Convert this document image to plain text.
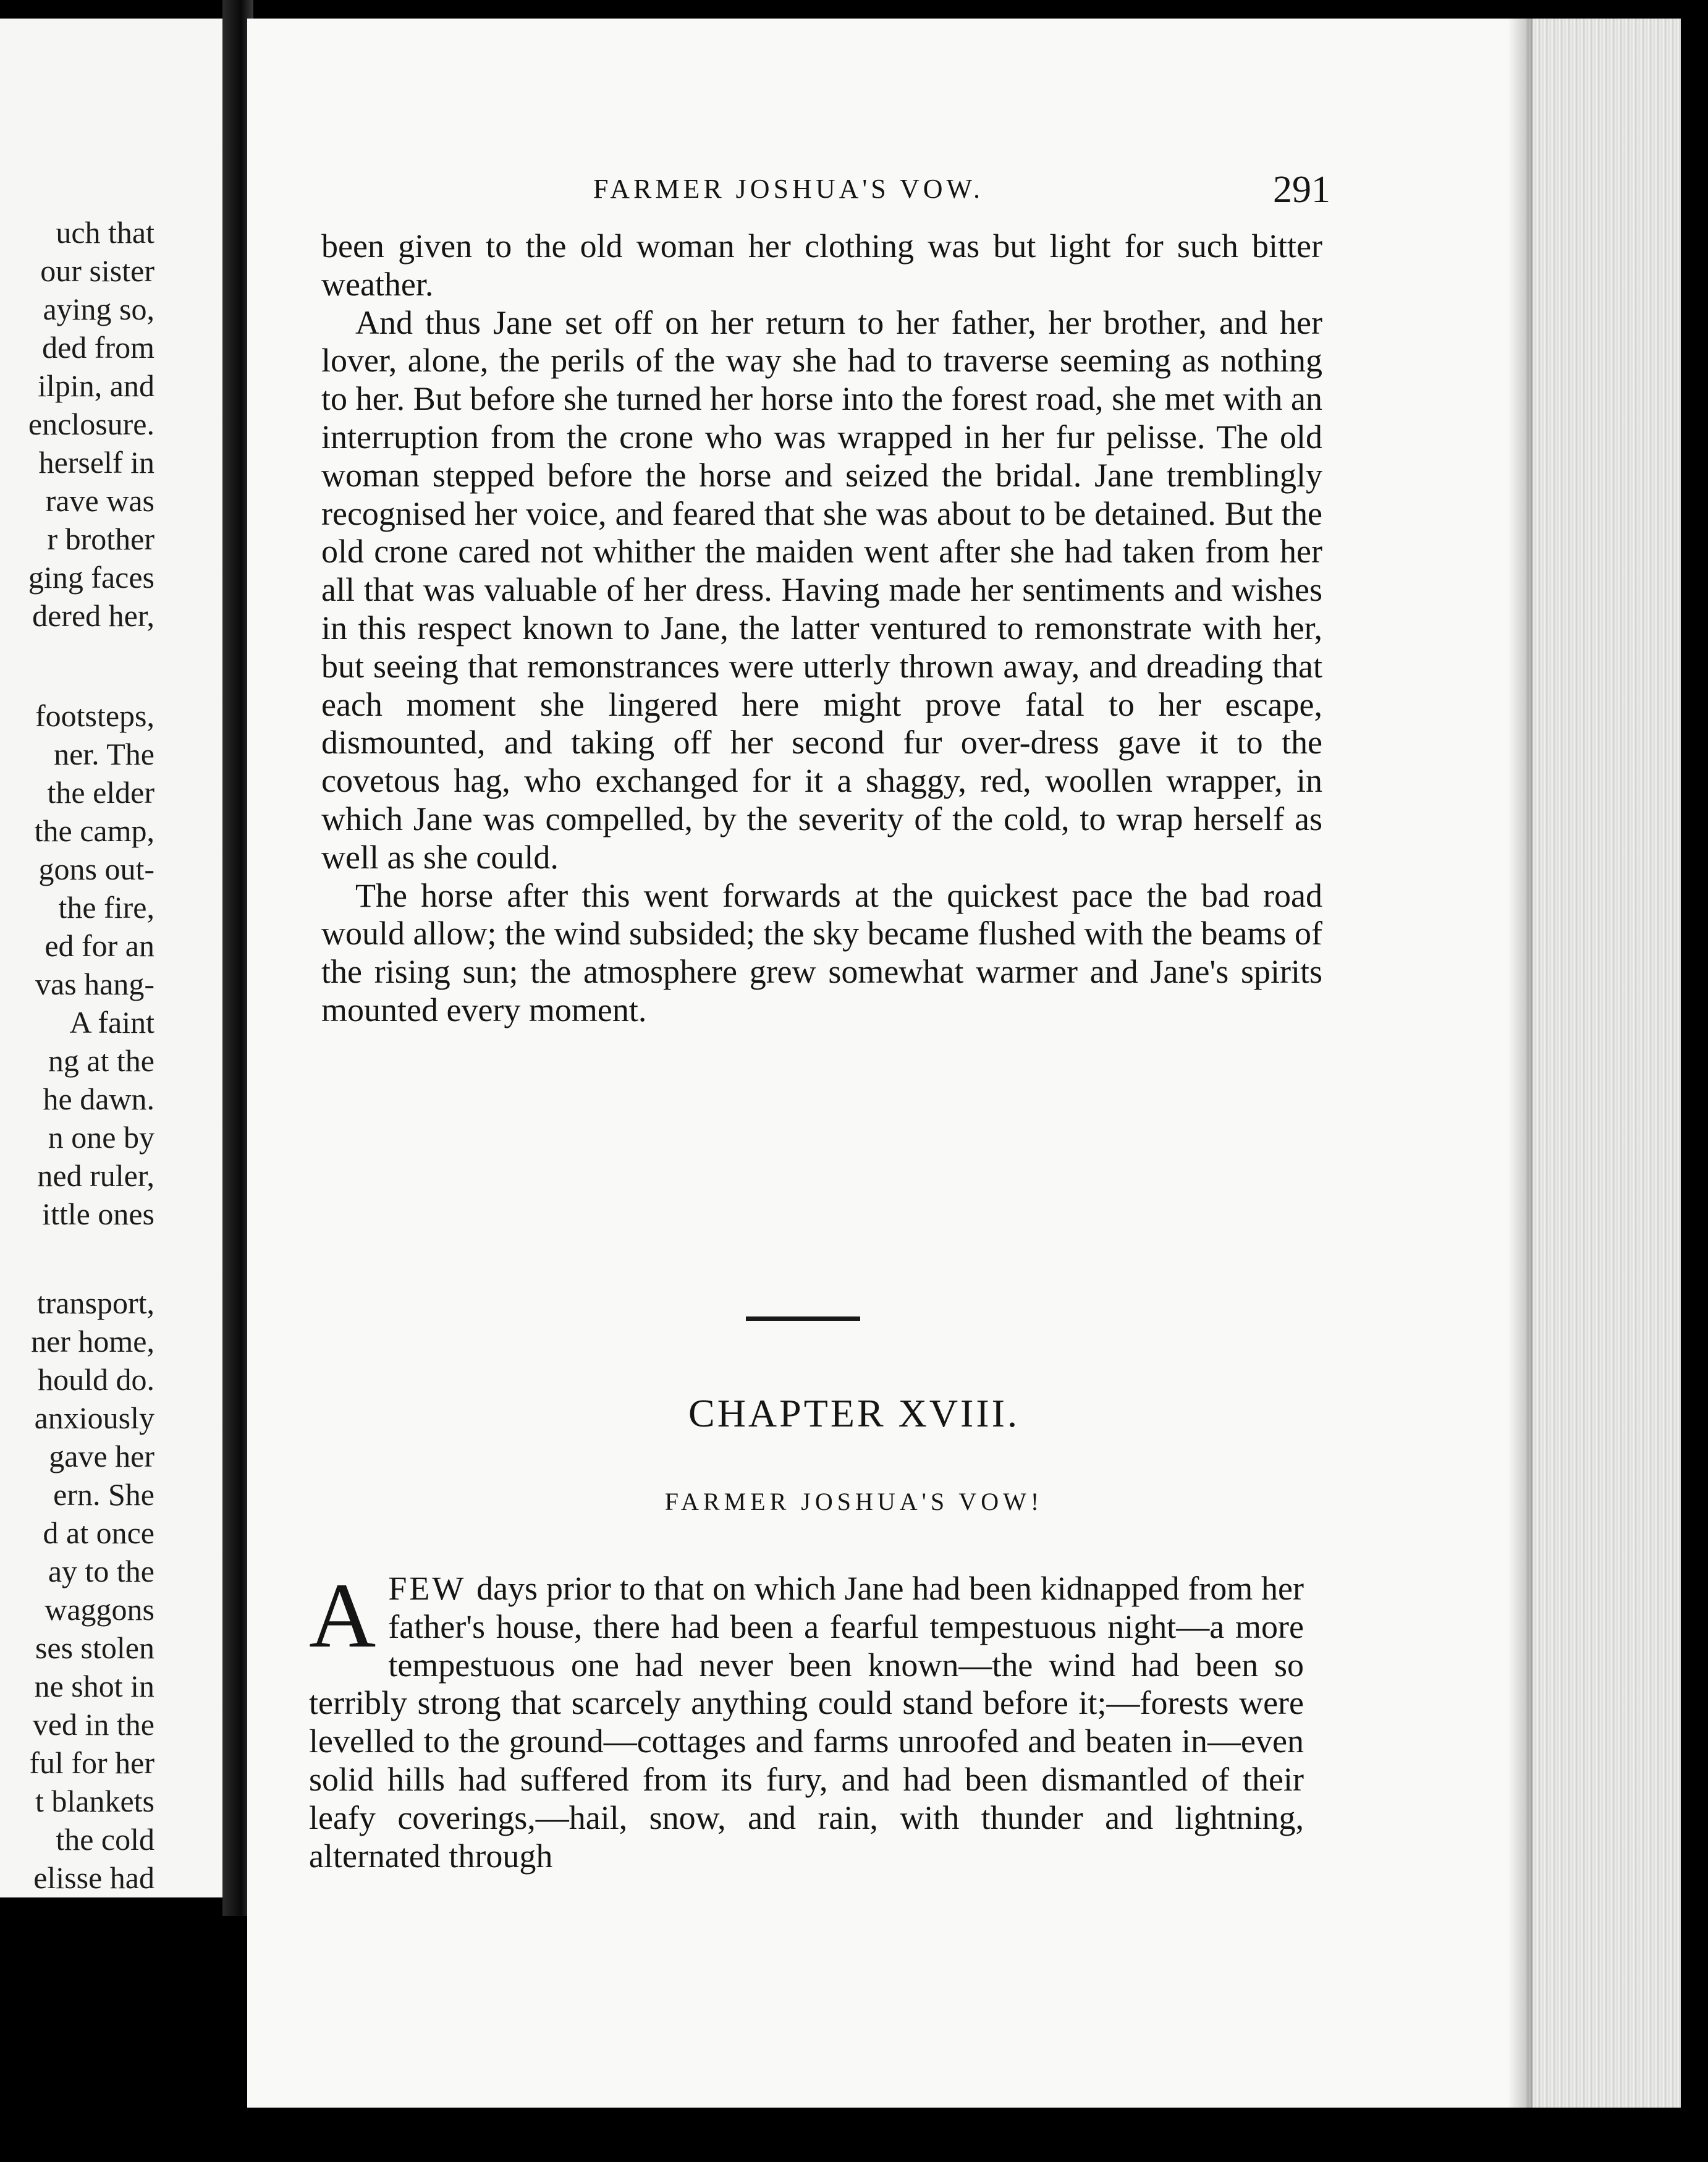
uch that
our sister
aying so,
ded from
ilpin, and
enclosure.
herself in
rave was
r brother
ging faces
dered her,
footsteps,
ner. The
the elder
the camp,
gons out-
the fire,
ed for an
vas hang-
A faint
ng at the
he dawn.
n one by
ned ruler,
ittle ones
transport,
ner home,
hould do.
anxiously
gave her
ern. She
d at once
ay to the
waggons
ses stolen
ne shot in
ved in the
ful for her
t blankets
the cold
elisse had
FARMER JOSHUA'S VOW.	291

been given to the old woman her clothing was but light for such bitter weather.

And thus Jane set off on her return to her father, her brother, and her lover, alone, the perils of the way she had to traverse seeming as nothing to her. But before she turned her horse into the forest road, she met with an interruption from the crone who was wrapped in her fur pelisse. The old woman stepped before the horse and seized the bridal. Jane tremblingly recognised her voice, and feared that she was about to be detained. But the old crone cared not whither the maiden went after she had taken from her all that was valuable of her dress. Having made her sentiments and wishes in this respect known to Jane, the latter ventured to remonstrate with her, but seeing that remonstrances were utterly thrown away, and dreading that each moment she lingered here might prove fatal to her escape, dismounted, and taking off her second fur over-dress gave it to the covetous hag, who exchanged for it a shaggy, red, woollen wrapper, in which Jane was compelled, by the severity of the cold, to wrap herself as well as she could.

The horse after this went forwards at the quickest pace the bad road would allow; the wind subsided; the sky became flushed with the beams of the rising sun; the atmosphere grew somewhat warmer and Jane's spirits mounted every moment.

CHAPTER XVIII.
FARMER JOSHUA'S VOW!
A FEW days prior to that on which Jane had been kidnapped from her father's house, there had been a fearful tempestuous night—a more tempestuous one had never been known—the wind had been so terribly strong that scarcely anything could stand before it;—forests were levelled to the ground—cottages and farms unroofed and beaten in—even solid hills had suffered from its fury, and had been dismantled of their leafy coverings,—hail, snow, and rain, with thunder and lightning, alternated through
